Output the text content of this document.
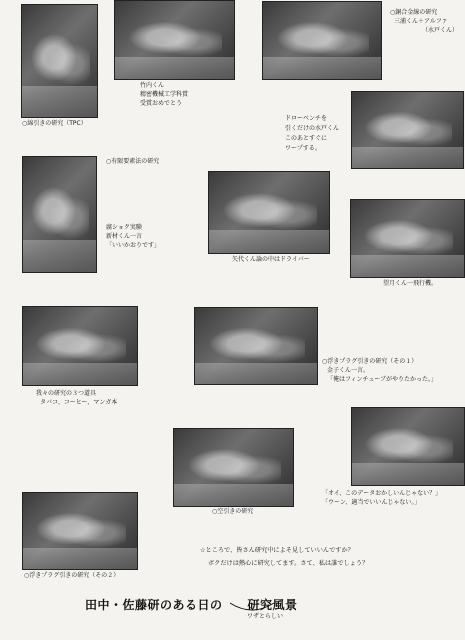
○綿引きの研究（TPC）
竹内くん
精密機械工学科賞
受賞おめでとう
○銅合金線の研究
三浦くん＋アルファ
（水戸くん）
ドローベンチを
引くだけの水戸くん
このあとすぐに
ワープする。
○有限要素法の研究
腐ショク実験
新材くん一言
「いいかおりです」
矢代くん論の中はドライバー
望月くん一飛行機。
我々の研究の３つ道具
タバコ、コーヒー、マンガ本
○浮きプラグ引きの研究（その１）
金子くん一言。
「俺はフィンチューブがやりたかった。」
「オイ、このデータおかしいんじゃない？」
「ウーン、適当でいいんじゃない。」
○空引きの研究
○浮きプラグ引きの研究（その２）
☆ところで、皆さん研究中によそ見していいんですか？
ボクだけは熱心に研究してます。さて、私は誰でしょう？
田中・佐藤研のある日の　　研究風景
ワザとらしい
